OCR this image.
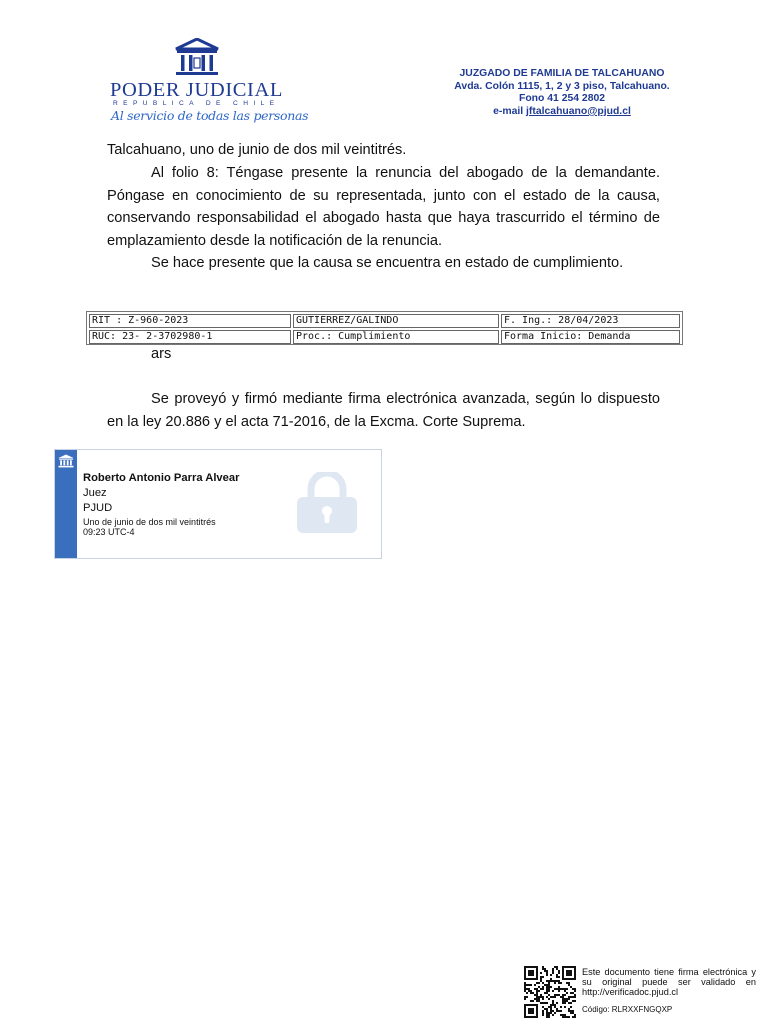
PODER JUDICIAL
REPUBLICA DE CHILE
Al servicio de todas las personas
JUZGADO DE FAMILIA DE TALCAHUANO
Avda. Colón 1115, 1, 2 y 3 piso, Talcahuano.
Fono 41 254 2802
e-mail jftalcahuano@pjud.cl
Talcahuano, uno de junio de dos mil veintitrés.
Al folio 8: Téngase presente la renuncia del abogado de la demandante. Póngase en conocimiento de su representada, junto con el estado de la causa, conservando responsabilidad el abogado hasta que haya trascurrido el término de emplazamiento desde la notificación de la renuncia.
Se hace presente que la causa se encuentra en estado de cumplimiento.
RIT : Z-960-2023	GUTIÉRREZ/GALINDO	F. Ing.: 28/04/2023
RUC: 23- 2-3702980-1	Proc.: Cumplimiento	Forma Inicio: Demanda
ars
Se proveyó y firmó mediante firma electrónica avanzada, según lo dispuesto en la ley 20.886 y el acta 71-2016, de la Excma. Corte Suprema.
Roberto Antonio Parra Alvear
Juez
PJUD
Uno de junio de dos mil veintitrés
09:23 UTC-4
Este documento tiene firma electrónica y su original puede ser validado en http://verificadoc.pjud.cl
Código: RLRXXFNGQXP
